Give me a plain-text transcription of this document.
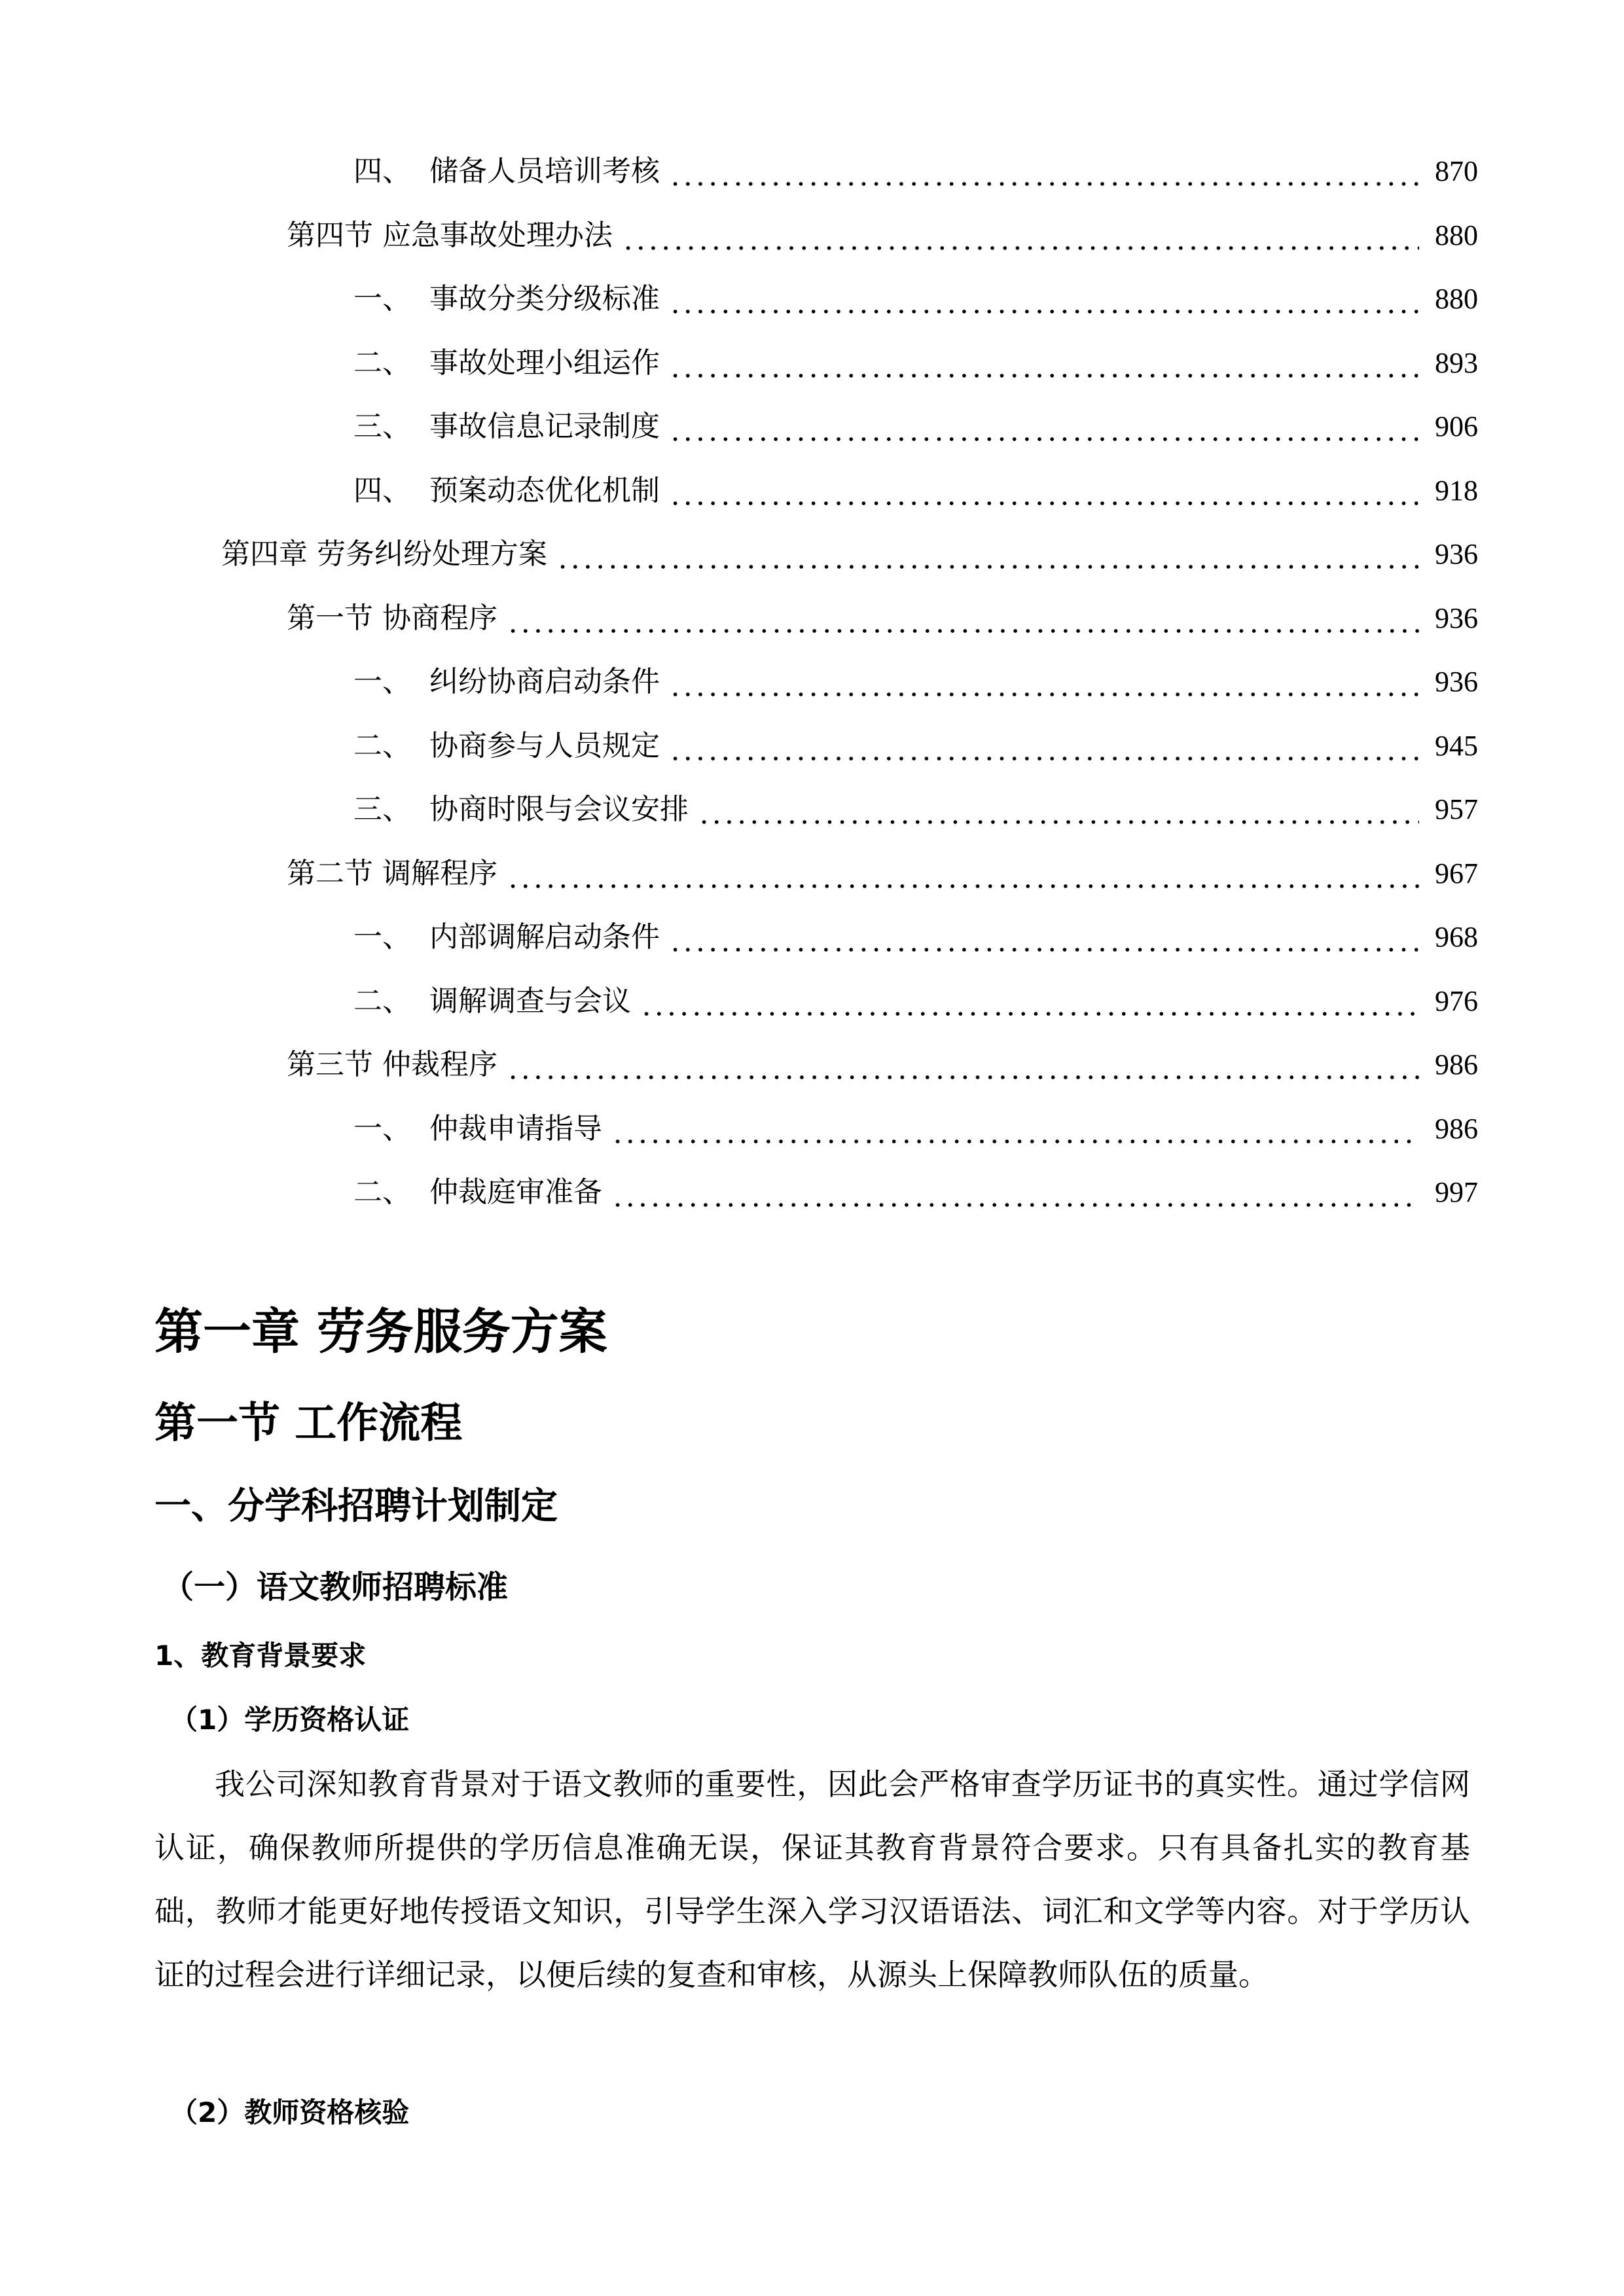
四、 储备人员培训考核	870
第四节 应急事故处理办法	880
一、 事故分类分级标准	880
二、 事故处理小组运作	893
三、 事故信息记录制度	906
四、 预案动态优化机制	918
第四章 劳务纠纷处理方案	936
第一节 协商程序	936
一、 纠纷协商启动条件	936
二、 协商参与人员规定	945
三、 协商时限与会议安排	957
第二节 调解程序	967
一、 内部调解启动条件	968
二、 调解调查与会议	976
第三节 仲裁程序	986
一、 仲裁申请指导	986
二、 仲裁庭审准备	997
第一章 劳务服务方案
第一节 工作流程
一、分学科招聘计划制定
（一）语文教师招聘标准
1、教育背景要求
（1）学历资格认证
我公司深知教育背景对于语文教师的重要性，因此会严格审查学历证书的真实性。通过学信网认证，确保教师所提供的学历信息准确无误，保证其教育背景符合要求。只有具备扎实的教育基础，教师才能更好地传授语文知识，引导学生深入学习汉语语法、词汇和文学等内容。对于学历认证的过程会进行详细记录，以便后续的复查和审核，从源头上保障教师队伍的质量。
（2）教师资格核验
